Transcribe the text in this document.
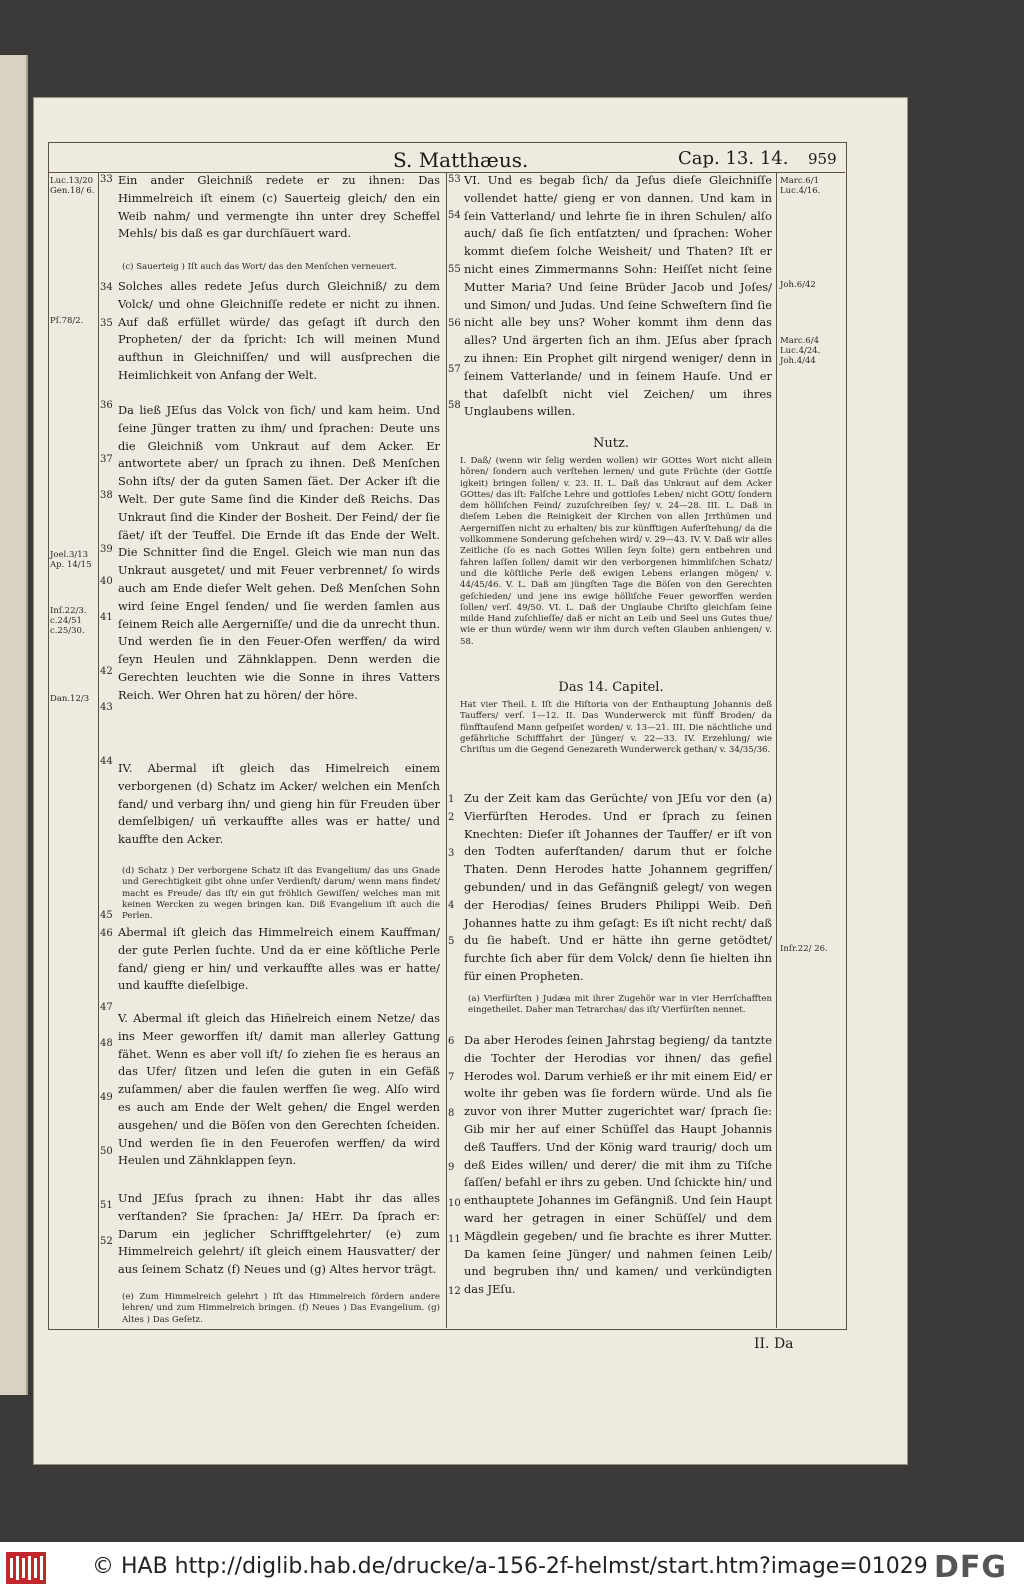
S. Matthæus.	Cap. 13. 14. 959
Luc.13/20 Gen.18/ 6.
Pſ.78/2.
Joel.3/13 Ap. 14/15
Inſ.22/3. c.24/51 c.25/30.
Dan.12/3
33
34
35
36
37
38
39
40
41
42
43
44
45
46
47
48
49
50
51
52
Ein ander Gleichniß redete er zu ihnen: Das Himmelreich iſt einem (c) Sauerteig gleich/ den ein Weib nahm/ und vermengte ihn unter drey Scheffel Mehls/ bis daß es gar durchſäuert ward.
(c) Sauerteig ) Iſt auch das Wort/ das den Menſchen verneuert.
Solches alles redete Jeſus durch Gleichniß/ zu dem Volck/ und ohne Gleichniſſe redete er nicht zu ihnen. Auf daß erfüllet würde/ das geſagt iſt durch den Propheten/ der da ſpricht: Ich will meinen Mund aufthun in Gleichniſſen/ und will ausſprechen die Heimlichkeit von Anfang der Welt.
Da ließ JEſus das Volck von ſich/ und kam heim. Und ſeine Jünger tratten zu ihm/ und ſprachen: Deute uns die Gleichniß vom Unkraut auf dem Acker. Er antwortete aber/ un ſprach zu ihnen. Deß Menſchen Sohn iſts/ der da guten Samen ſäet. Der Acker iſt die Welt. Der gute Same ſind die Kinder deß Reichs. Das Unkraut ſind die Kinder der Bosheit. Der Feind/ der ſie ſäet/ iſt der Teuffel. Die Ernde iſt das Ende der Welt. Die Schnitter ſind die Engel. Gleich wie man nun das Unkraut ausgetet/ und mit Feuer verbrennet/ ſo wirds auch am Ende dieſer Welt gehen. Deß Menſchen Sohn wird ſeine Engel ſenden/ und ſie werden ſamlen aus ſeinem Reich alle Aergerniſſe/ und die da unrecht thun. Und werden ſie in den Feuer-Ofen werffen/ da wird ſeyn Heulen und Zähnklappen. Denn werden die Gerechten leuchten wie die Sonne in ihres Vatters Reich. Wer Ohren hat zu hören/ der höre.
IV. Abermal iſt gleich das Himelreich einem verborgenen (d) Schatz im Acker/ welchen ein Menſch fand/ und verbarg ihn/ und gieng hin für Freuden über demſelbigen/ uñ verkauffte alles was er hatte/ und kauffte den Acker.
(d) Schatz ) Der verborgene Schatz iſt das Evangelium/ das uns Gnade und Gerechtigkeit gibt ohne unſer Verdienſt/ darum/ wenn mans findet/ macht es Freude/ das iſt/ ein gut fröhlich Gewiſſen/ welches man mit keinen Wercken zu wegen bringen kan. Diß Evangelium iſt auch die Perlen.
Abermal iſt gleich das Himmelreich einem Kauffman/ der gute Perlen ſuchte. Und da er eine köſtliche Perle fand/ gieng er hin/ und verkauffte alles was er hatte/ und kauffte dieſelbige.
V. Abermal iſt gleich das Hiñelreich einem Netze/ das ins Meer geworffen iſt/ damit man allerley Gattung fähet. Wenn es aber voll iſt/ ſo ziehen ſie es heraus an das Ufer/ ſitzen und leſen die guten in ein Gefäß zuſammen/ aber die faulen werffen ſie weg. Alſo wird es auch am Ende der Welt gehen/ die Engel werden ausgehen/ und die Böſen von den Gerechten ſcheiden. Und werden ſie in den Feuerofen werffen/ da wird Heulen und Zähnklappen ſeyn.
Und JEſus ſprach zu ihnen: Habt ihr das alles verſtanden? Sie ſprachen: Ja/ HErr. Da ſprach er: Darum ein jeglicher Schrifftgelehrter/ (e) zum Himmelreich gelehrt/ iſt gleich einem Hausvatter/ der aus ſeinem Schatz (f) Neues und (g) Altes hervor trägt.
(e) Zum Himmelreich gelehrt ) Iſt das Himmelreich fördern andere lehren/ und zum Himmelreich bringen. (f) Neues ) Das Evangelium. (g) Altes ) Das Geſetz.
53
54
55
56
57
58
1
2
3
4
5
6
7
8
9
10
11
12
VI. Und es begab ſich/ da Jeſus dieſe Gleichniſſe vollendet hatte/ gieng er von dannen. Und kam in ſein Vatterland/ und lehrte ſie in ihren Schulen/ alſo auch/ daß ſie ſich entſatzten/ und ſprachen: Woher kommt dieſem ſolche Weisheit/ und Thaten? Iſt er nicht eines Zimmermanns Sohn: Heiſſet nicht ſeine Mutter Maria? Und ſeine Brüder Jacob und Joſes/ und Simon/ und Judas. Und ſeine Schweſtern ſind ſie nicht alle bey uns? Woher kommt ihm denn das alles? Und ärgerten ſich an ihm. JEſus aber ſprach zu ihnen: Ein Prophet gilt nirgend weniger/ denn in ſeinem Vatterlande/ und in ſeinem Hauſe. Und er that daſelbſt nicht viel Zeichen/ um ihres Unglaubens willen.
Nutz.
I. Daß/ (wenn wir ſelig werden wollen) wir GOttes Wort nicht allein hören/ ſondern auch verſtehen lernen/ und gute Früchte (der Gottſe igkeit) bringen ſollen/ v. 23. II. L. Daß das Unkraut auf dem Acker GOttes/ das iſt: Falſche Lehre und gottloſes Leben/ nicht GOtt/ ſondern dem hölliſchen Feind/ zuzuſchreiben ſey/ v. 24—28. III. L. Daß in dieſem Leben die Reinigkeit der Kirchen von allen Jrrthümen und Aergerniſſen nicht zu erhalten/ bis zur künfftigen Auferſtehung/ da die vollkommene Sonderung geſchehen wird/ v. 29—43. IV. V. Daß wir alles Zeitliche (ſo es nach Gottes Willen ſeyn ſolte) gern entbehren und fahren laſſen ſollen/ damit wir den verborgenen himmliſchen Schatz/ und die köſtliche Perle deß ewigen Lebens erlangen mögen/ v. 44/45/46. V. L. Daß am jüngſten Tage die Böſen von den Gerechten geſchieden/ und jene ins ewige hölliſche Feuer geworffen werden ſollen/ verſ. 49/50. VI. L. Daß der Unglaube Chriſto gleichſam ſeine milde Hand zuſchlieſſe/ daß er nicht an Leib und Seel uns Gutes thue/ wie er thun würde/ wenn wir ihm durch veſten Glauben anhiengen/ v. 58.
Das 14. Capitel.
Hat vier Theil. I. Iſt die Hiſtoria von der Enthauptung Johannis deß Tauffers/ verſ. 1—12. II. Das Wunderwerck mit fünff Broden/ da fünfftauſend Mann geſpeiſet worden/ v. 13—21. III. Die nächtliche und gefährliche Schifffahrt der Jünger/ v. 22—33. IV. Erzehlung/ wie Chriſtus um die Gegend Genezareth Wunderwerck gethan/ v. 34/35/36.
Zu der Zeit kam das Gerüchte/ von JEſu vor den (a) Vierfürſten Herodes. Und er ſprach zu ſeinen Knechten: Dieſer iſt Johannes der Tauffer/ er iſt von den Todten auferſtanden/ darum thut er ſolche Thaten. Denn Herodes hatte Johannem gegriffen/ gebunden/ und in das Gefängniß gelegt/ von wegen der Herodias/ ſeines Bruders Philippi Weib. Deñ Johannes hatte zu ihm geſagt: Es iſt nicht recht/ daß du ſie habeſt. Und er hätte ihn gerne getödtet/ furchte ſich aber für dem Volck/ denn ſie hielten ihn für einen Propheten.
(a) Vierfürſten ) Judæa mit ihrer Zugehör war in vier Herrſchafften eingetheilet. Daher man Tetrarchas/ das iſt/ Vierfürſten nennet.
Da aber Herodes ſeinen Jahrstag begieng/ da tantzte die Tochter der Herodias vor ihnen/ das gefiel Herodes wol. Darum verhieß er ihr mit einem Eid/ er wolte ihr geben was ſie fordern würde. Und als ſie zuvor von ihrer Mutter zugerichtet war/ ſprach ſie: Gib mir her auf einer Schüſſel das Haupt Johannis deß Tauffers. Und der König ward traurig/ doch um deß Eides willen/ und derer/ die mit ihm zu Tiſche ſaſſen/ befahl er ihrs zu geben. Und ſchickte hin/ und enthauptete Johannes im Gefängniß. Und ſein Haupt ward her getragen in einer Schüſſel/ und dem Mägdlein gegeben/ und ſie brachte es ihrer Mutter. Da kamen ſeine Jünger/ und nahmen ſeinen Leib/ und begruben ihn/ und kamen/ und verkündigten das JEſu.
Marc.6/1 Luc.4/16.
Joh.6/42
Marc.6/4 Luc.4/24. Joh.4/44
Inſr.22/ 26.
II. Da
© HAB http://diglib.hab.de/drucke/a-156-2f-helmst/start.htm?image=01029 DFG
